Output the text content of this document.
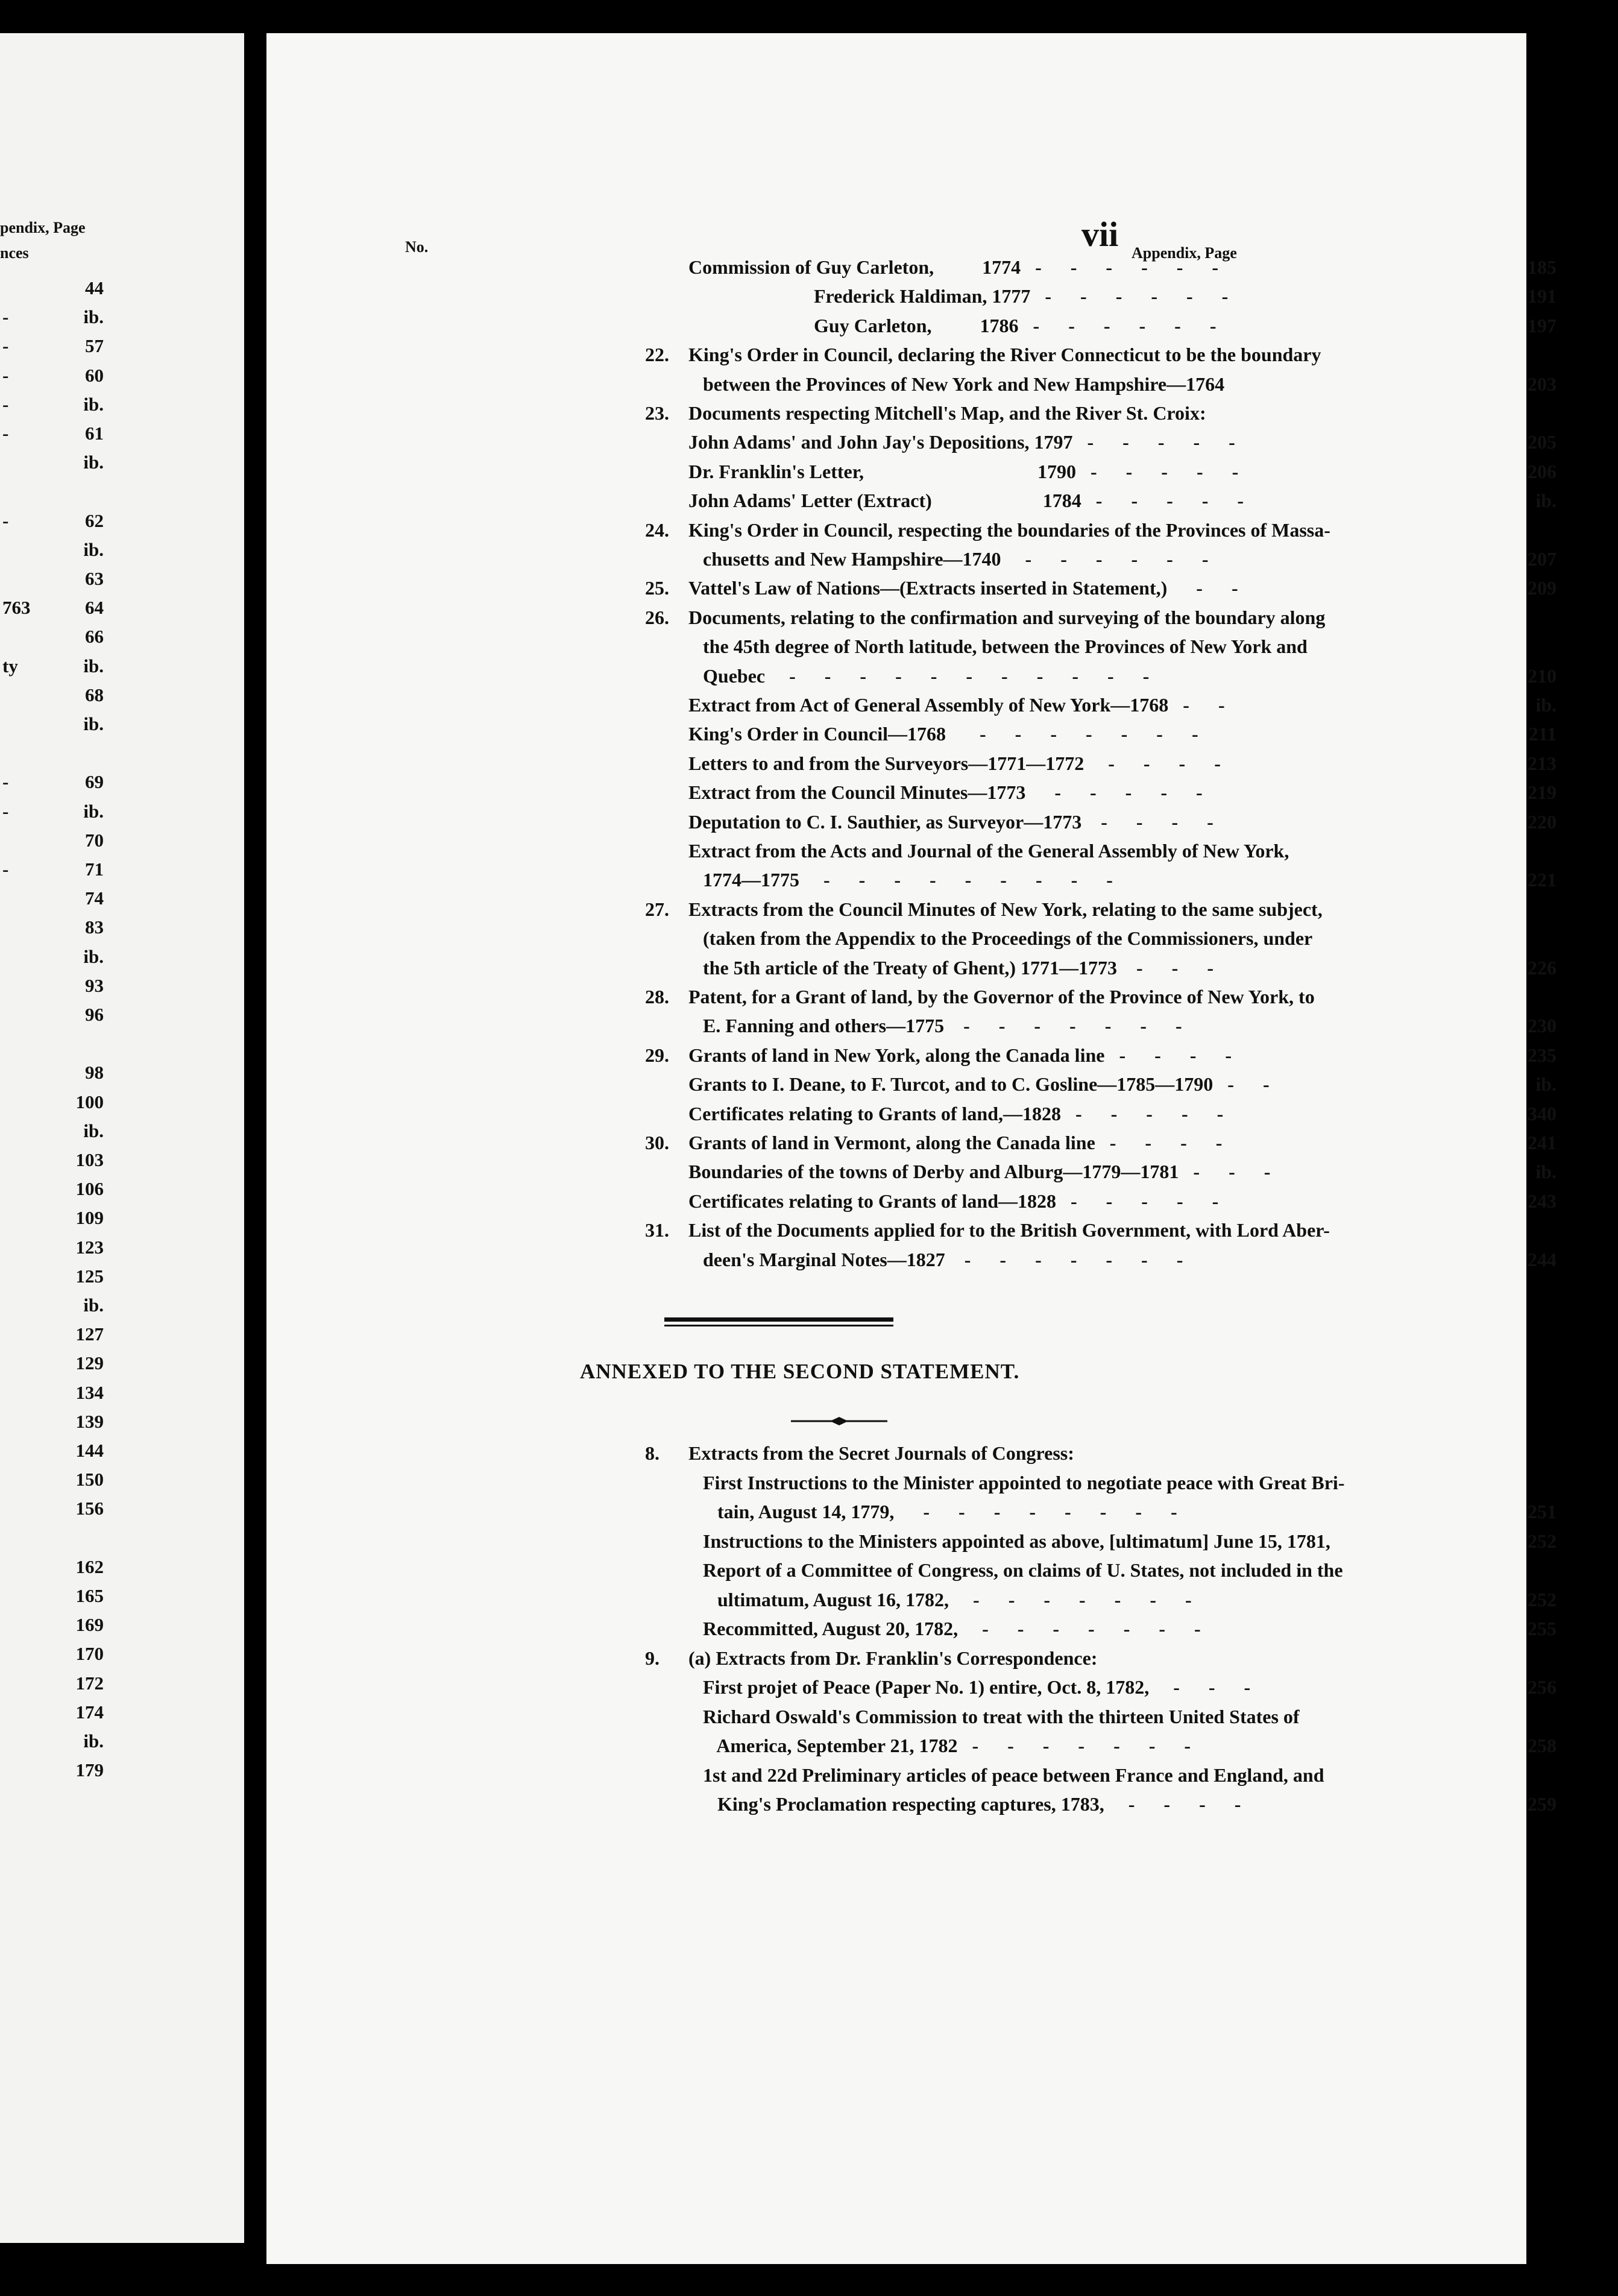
pendix, Page
nces
44
-	ib.
-	57
-	60
-	ib.
-	61
ib.
-	62
ib.
63
763	64
66
ty	ib.
68
ib.
-	69
-	ib.
70
-	71
74
83
ib.
93
96
98
100
ib.
103
106
109
123
125
ib.
127
129
134
139
144
150
156
162
165
169
170
172
174
ib.
179
vii
No.	Appendix, Page
Commission of Guy Carleton,          1774   -      -      -      -      -      -	185
Frederick Haldiman, 1777   -      -      -      -      -      -	191
Guy Carleton,          1786   -      -      -      -      -      -	197
22. King's Order in Council, declaring the River Connecticut to be the boundary
between the Provinces of New York and New Hampshire—1764	203
23. Documents respecting Mitchell's Map, and the River St. Croix:
John Adams' and John Jay's Depositions, 1797   -      -      -      -      -	205
Dr. Franklin's Letter,                                    1790   -      -      -      -      -	206
John Adams' Letter (Extract)                       1784   -      -      -      -      -	ib.
24. King's Order in Council, respecting the boundaries of the Provinces of Massa-
chusetts and New Hampshire—1740     -      -      -      -      -      -	207
25. Vattel's Law of Nations—(Extracts inserted in Statement,)      -      -	209
26. Documents, relating to the confirmation and surveying of the boundary along
the 45th degree of North latitude, between the Provinces of New York and
Quebec     -      -      -      -      -      -      -      -      -      -      -	210
Extract from Act of General Assembly of New York—1768   -      -	ib.
King's Order in Council—1768       -      -      -      -      -      -      -	211
Letters to and from the Surveyors—1771—1772     -      -      -      -	213
Extract from the Council Minutes—1773      -      -      -      -      -	219
Deputation to C. I. Sauthier, as Surveyor—1773    -      -      -      -	220
Extract from the Acts and Journal of the General Assembly of New York,
1774—1775     -      -      -      -      -      -      -      -      -	221
27. Extracts from the Council Minutes of New York, relating to the same subject,
(taken from the Appendix to the Proceedings of the Commissioners, under
the 5th article of the Treaty of Ghent,) 1771—1773    -      -      -	226
28. Patent, for a Grant of land, by the Governor of the Province of New York, to
E. Fanning and others—1775    -      -      -      -      -      -      -	230
29. Grants of land in New York, along the Canada line   -      -      -      -	235
Grants to I. Deane, to F. Turcot, and to C. Gosline—1785—1790   -      -	ib.
Certificates relating to Grants of land,—1828   -      -      -      -      -	340
30. Grants of land in Vermont, along the Canada line   -      -      -      -	241
Boundaries of the towns of Derby and Alburg—1779—1781   -      -      -	ib.
Certificates relating to Grants of land—1828   -      -      -      -      -	243
31. List of the Documents applied for to the British Government, with Lord Aber-
deen's Marginal Notes—1827    -      -      -      -      -      -      -	244
ANNEXED TO THE SECOND STATEMENT.
8. Extracts from the Secret Journals of Congress:
First Instructions to the Minister appointed to negotiate peace with Great Bri-
tain, August 14, 1779,      -      -      -      -      -      -      -      -	251
Instructions to the Ministers appointed as above, [ultimatum] June 15, 1781,	252
Report of a Committee of Congress, on claims of U. States, not included in the
ultimatum, August 16, 1782,     -      -      -      -      -      -      -	252
Recommitted, August 20, 1782,     -      -      -      -      -      -      -	255
9. (a) Extracts from Dr. Franklin's Correspondence:
First projet of Peace (Paper No. 1) entire, Oct. 8, 1782,     -      -      -	256
Richard Oswald's Commission to treat with the thirteen United States of
America, September 21, 1782   -      -      -      -      -      -      -	258
1st and 22d Preliminary articles of peace between France and England, and
King's Proclamation respecting captures, 1783,     -      -      -      -	259
